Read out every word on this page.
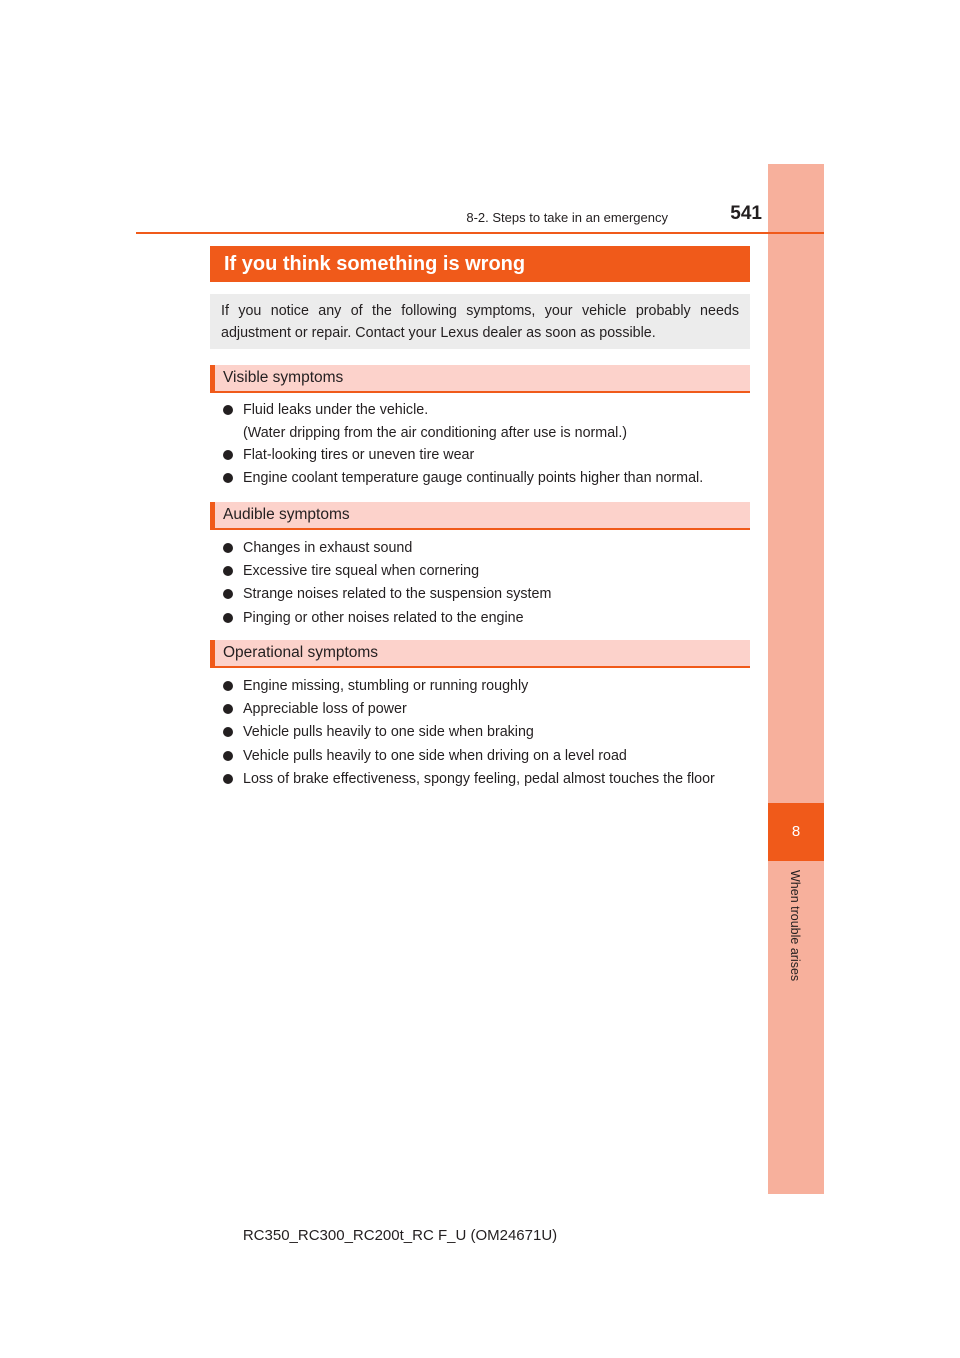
8
When trouble arises
8-2. Steps to take in an emergency	541
If you think something is wrong
If you notice any of the following symptoms, your vehicle probably needs adjustment or repair. Contact your Lexus dealer as soon as possible.
Visible symptoms
Fluid leaks under the vehicle.
(Water dripping from the air conditioning after use is normal.)
Flat-looking tires or uneven tire wear
Engine coolant temperature gauge continually points higher than normal.
Audible symptoms
Changes in exhaust sound
Excessive tire squeal when cornering
Strange noises related to the suspension system
Pinging or other noises related to the engine
Operational symptoms
Engine missing, stumbling or running roughly
Appreciable loss of power
Vehicle pulls heavily to one side when braking
Vehicle pulls heavily to one side when driving on a level road
Loss of brake effectiveness, spongy feeling, pedal almost touches the floor
RC350_RC300_RC200t_RC F_U (OM24671U)
